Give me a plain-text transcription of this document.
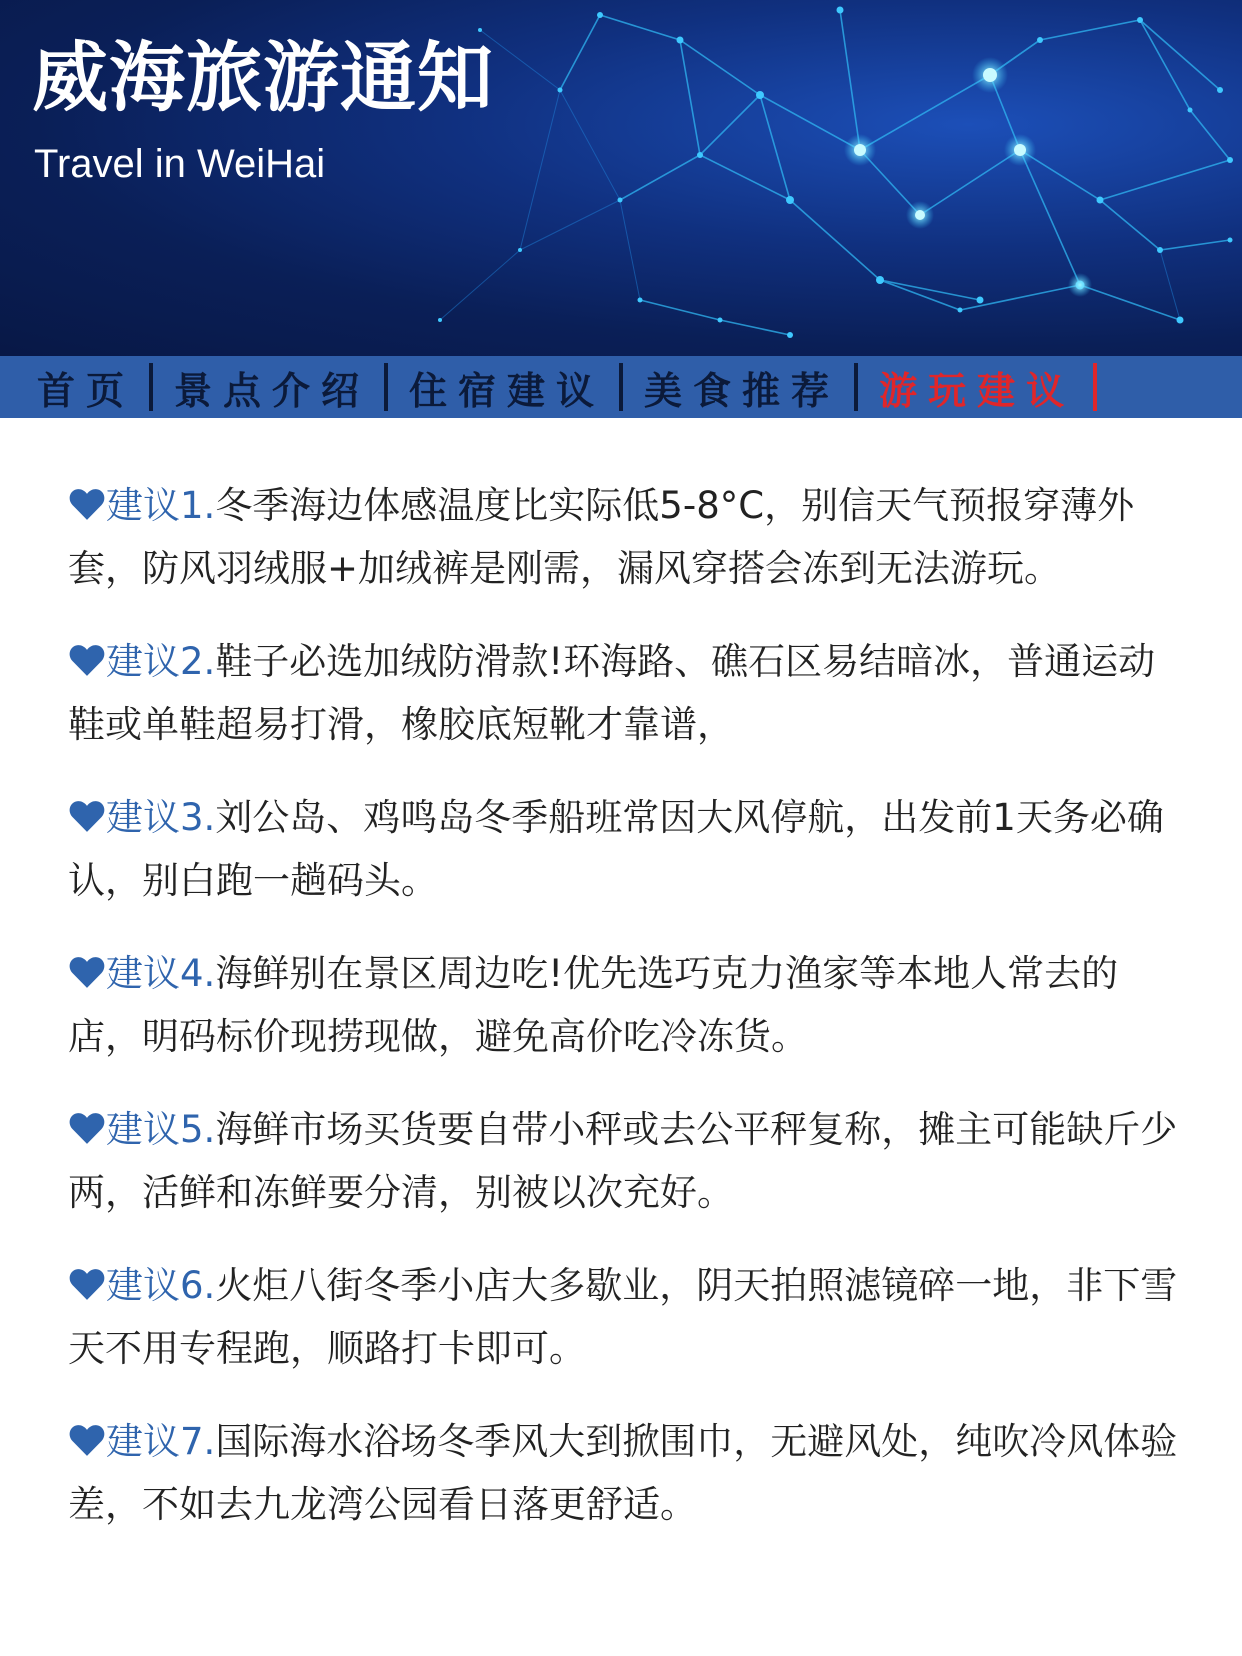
威海旅游通知

Travel in WeiHai

首页 景点介绍 住宿建议 美食推荐 游玩建议

建议1.冬季海边体感温度比实际低5-8°C，别信天气预报穿薄外套，防风羽绒服+加绒裤是刚需，漏风穿搭会冻到无法游玩。

建议2.鞋子必选加绒防滑款!环海路、礁石区易结暗冰，普通运动鞋或单鞋超易打滑，橡胶底短靴才靠谱，

建议3.刘公岛、鸡鸣岛冬季船班常因大风停航，出发前1天务必确认，别白跑一趟码头。

建议4.海鲜别在景区周边吃!优先选巧克力渔家等本地人常去的店，明码标价现捞现做，避免高价吃冷冻货。

建议5.海鲜市场买货要自带小秤或去公平秤复称，摊主可能缺斤少两，活鲜和冻鲜要分清，别被以次充好。

建议6.火炬八街冬季小店大多歇业，阴天拍照滤镜碎一地，非下雪天不用专程跑，顺路打卡即可。

建议7.国际海水浴场冬季风大到掀围巾，无避风处，纯吹冷风体验差，不如去九龙湾公园看日落更舒适。
